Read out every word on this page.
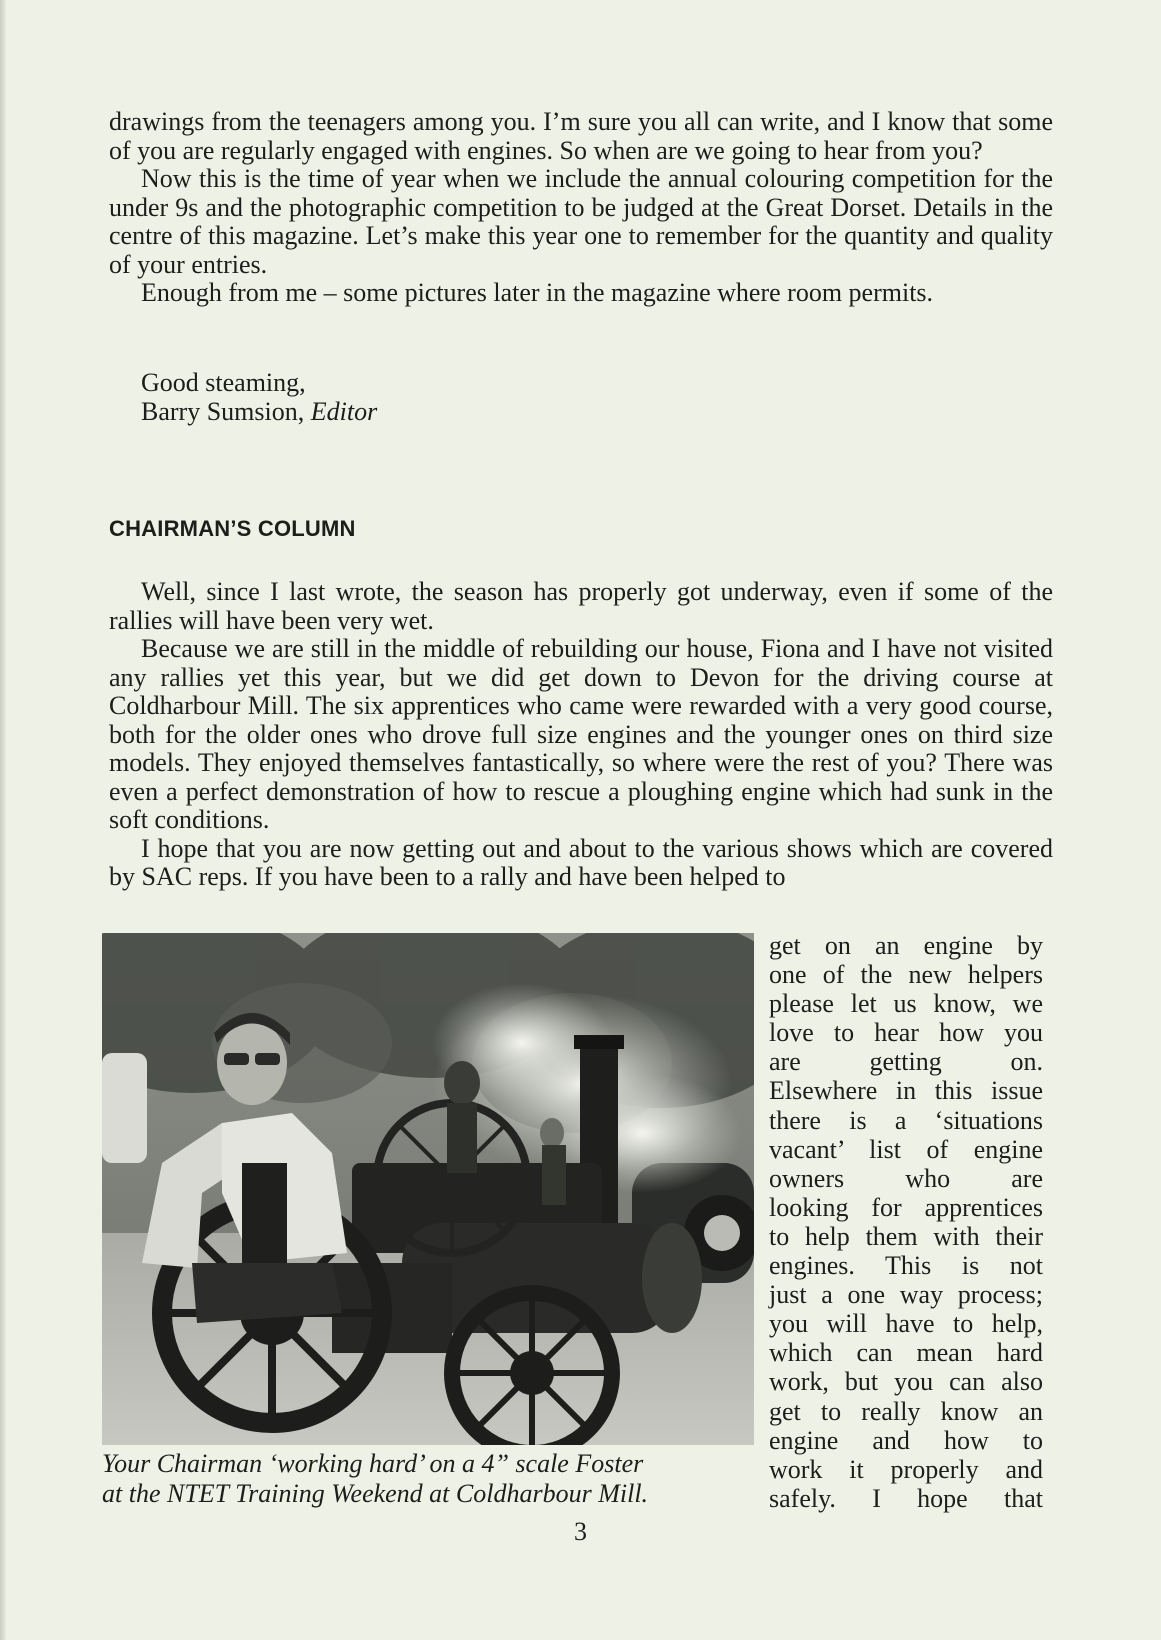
drawings from the teenagers among you. I’m sure you all can write, and I know that some of you are regularly engaged with engines. So when are we going to hear from you?

Now this is the time of year when we include the annual colouring competition for the under 9s and the photographic competition to be judged at the Great Dorset. Details in the centre of this magazine. Let’s make this year one to remember for the quantity and quality of your entries.

Enough from me – some pictures later in the magazine where room permits.

Good steaming,

Barry Sumsion, Editor

CHAIRMAN’S COLUMN

Well, since I last wrote, the season has properly got underway, even if some of the rallies will have been very wet.

Because we are still in the middle of rebuilding our house, Fiona and I have not visited any rallies yet this year, but we did get down to Devon for the driving course at Coldharbour Mill. The six apprentices who came were rewarded with a very good course, both for the older ones who drove full size engines and the younger ones on third size models. They enjoyed themselves fantastically, so where were the rest of you? There was even a perfect demonstration of how to rescue a ploughing engine which had sunk in the soft conditions.

I hope that you are now getting out and about to the various shows which are covered by SAC reps. If you have been to a rally and have been helped to

Your Chairman ‘working hard’ on a 4” scale Foster
at the NTET Training Weekend at Coldharbour Mill.
get on an engine by
one of the new helpers
please let us know, we
love to hear how you
are getting on.
Elsewhere in this issue
there is a ‘situations
vacant’ list of engine
owners who are
looking for apprentices
to help them with their
engines. This is not
just a one way process;
you will have to help,
which can mean hard
work, but you can also
get to really know an
engine and how to
work it properly and
safely. I hope that
3
